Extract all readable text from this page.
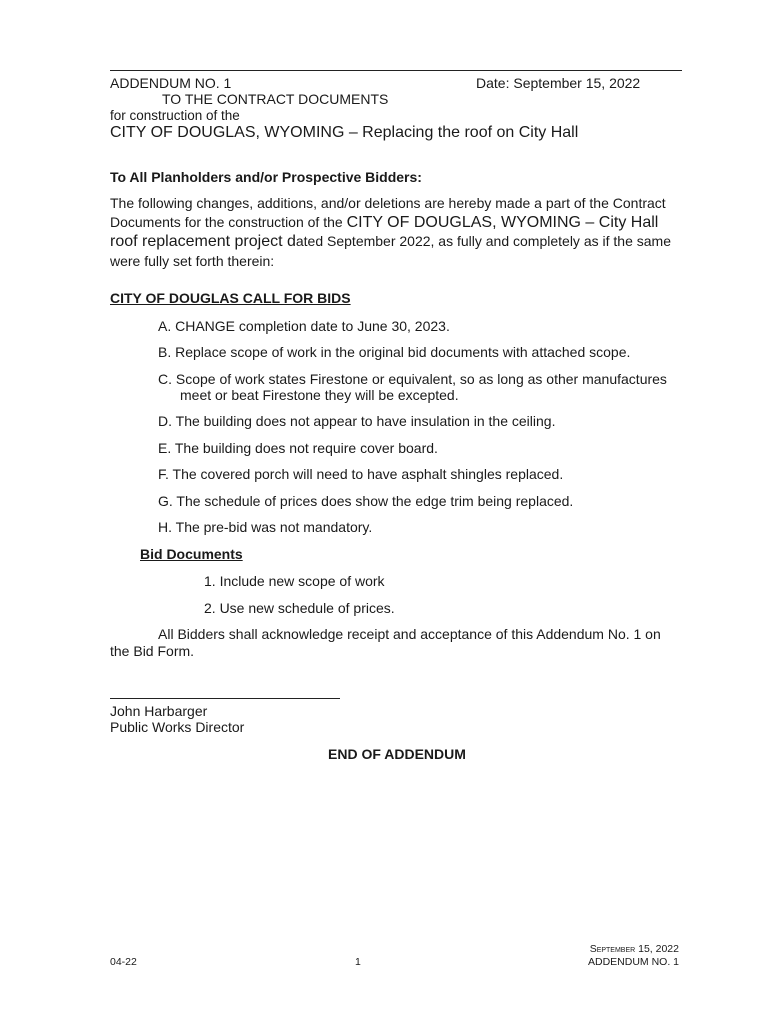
ADDENDUM NO. 1	Date: September 15, 2022
TO THE CONTRACT DOCUMENTS
for construction of the
CITY OF DOUGLAS, WYOMING – Replacing the roof on City Hall
To All Planholders and/or Prospective Bidders:
The following changes, additions, and/or deletions are hereby made a part of the Contract Documents for the construction of the CITY OF DOUGLAS, WYOMING – City Hall roof replacement project dated September 2022, as fully and completely as if the same were fully set forth therein:
CITY OF DOUGLAS CALL FOR BIDS
A. CHANGE completion date to June 30, 2023.
B. Replace scope of work in the original bid documents with attached scope.
C. Scope of work states Firestone or equivalent, so as long as other manufactures
meet or beat Firestone they will be excepted.
D. The building does not appear to have insulation in the ceiling.
E. The building does not require cover board.
F. The covered porch will need to have asphalt shingles replaced.
G. The schedule of prices does show the edge trim being replaced.
H. The pre-bid was not mandatory.
Bid Documents
1. Include new scope of work
2. Use new schedule of prices.
All Bidders shall acknowledge receipt and acceptance of this Addendum No. 1 on the Bid Form.
John Harbarger
Public Works Director
END OF ADDENDUM
04-22	1
September 15, 2022
ADDENDUM NO. 1
